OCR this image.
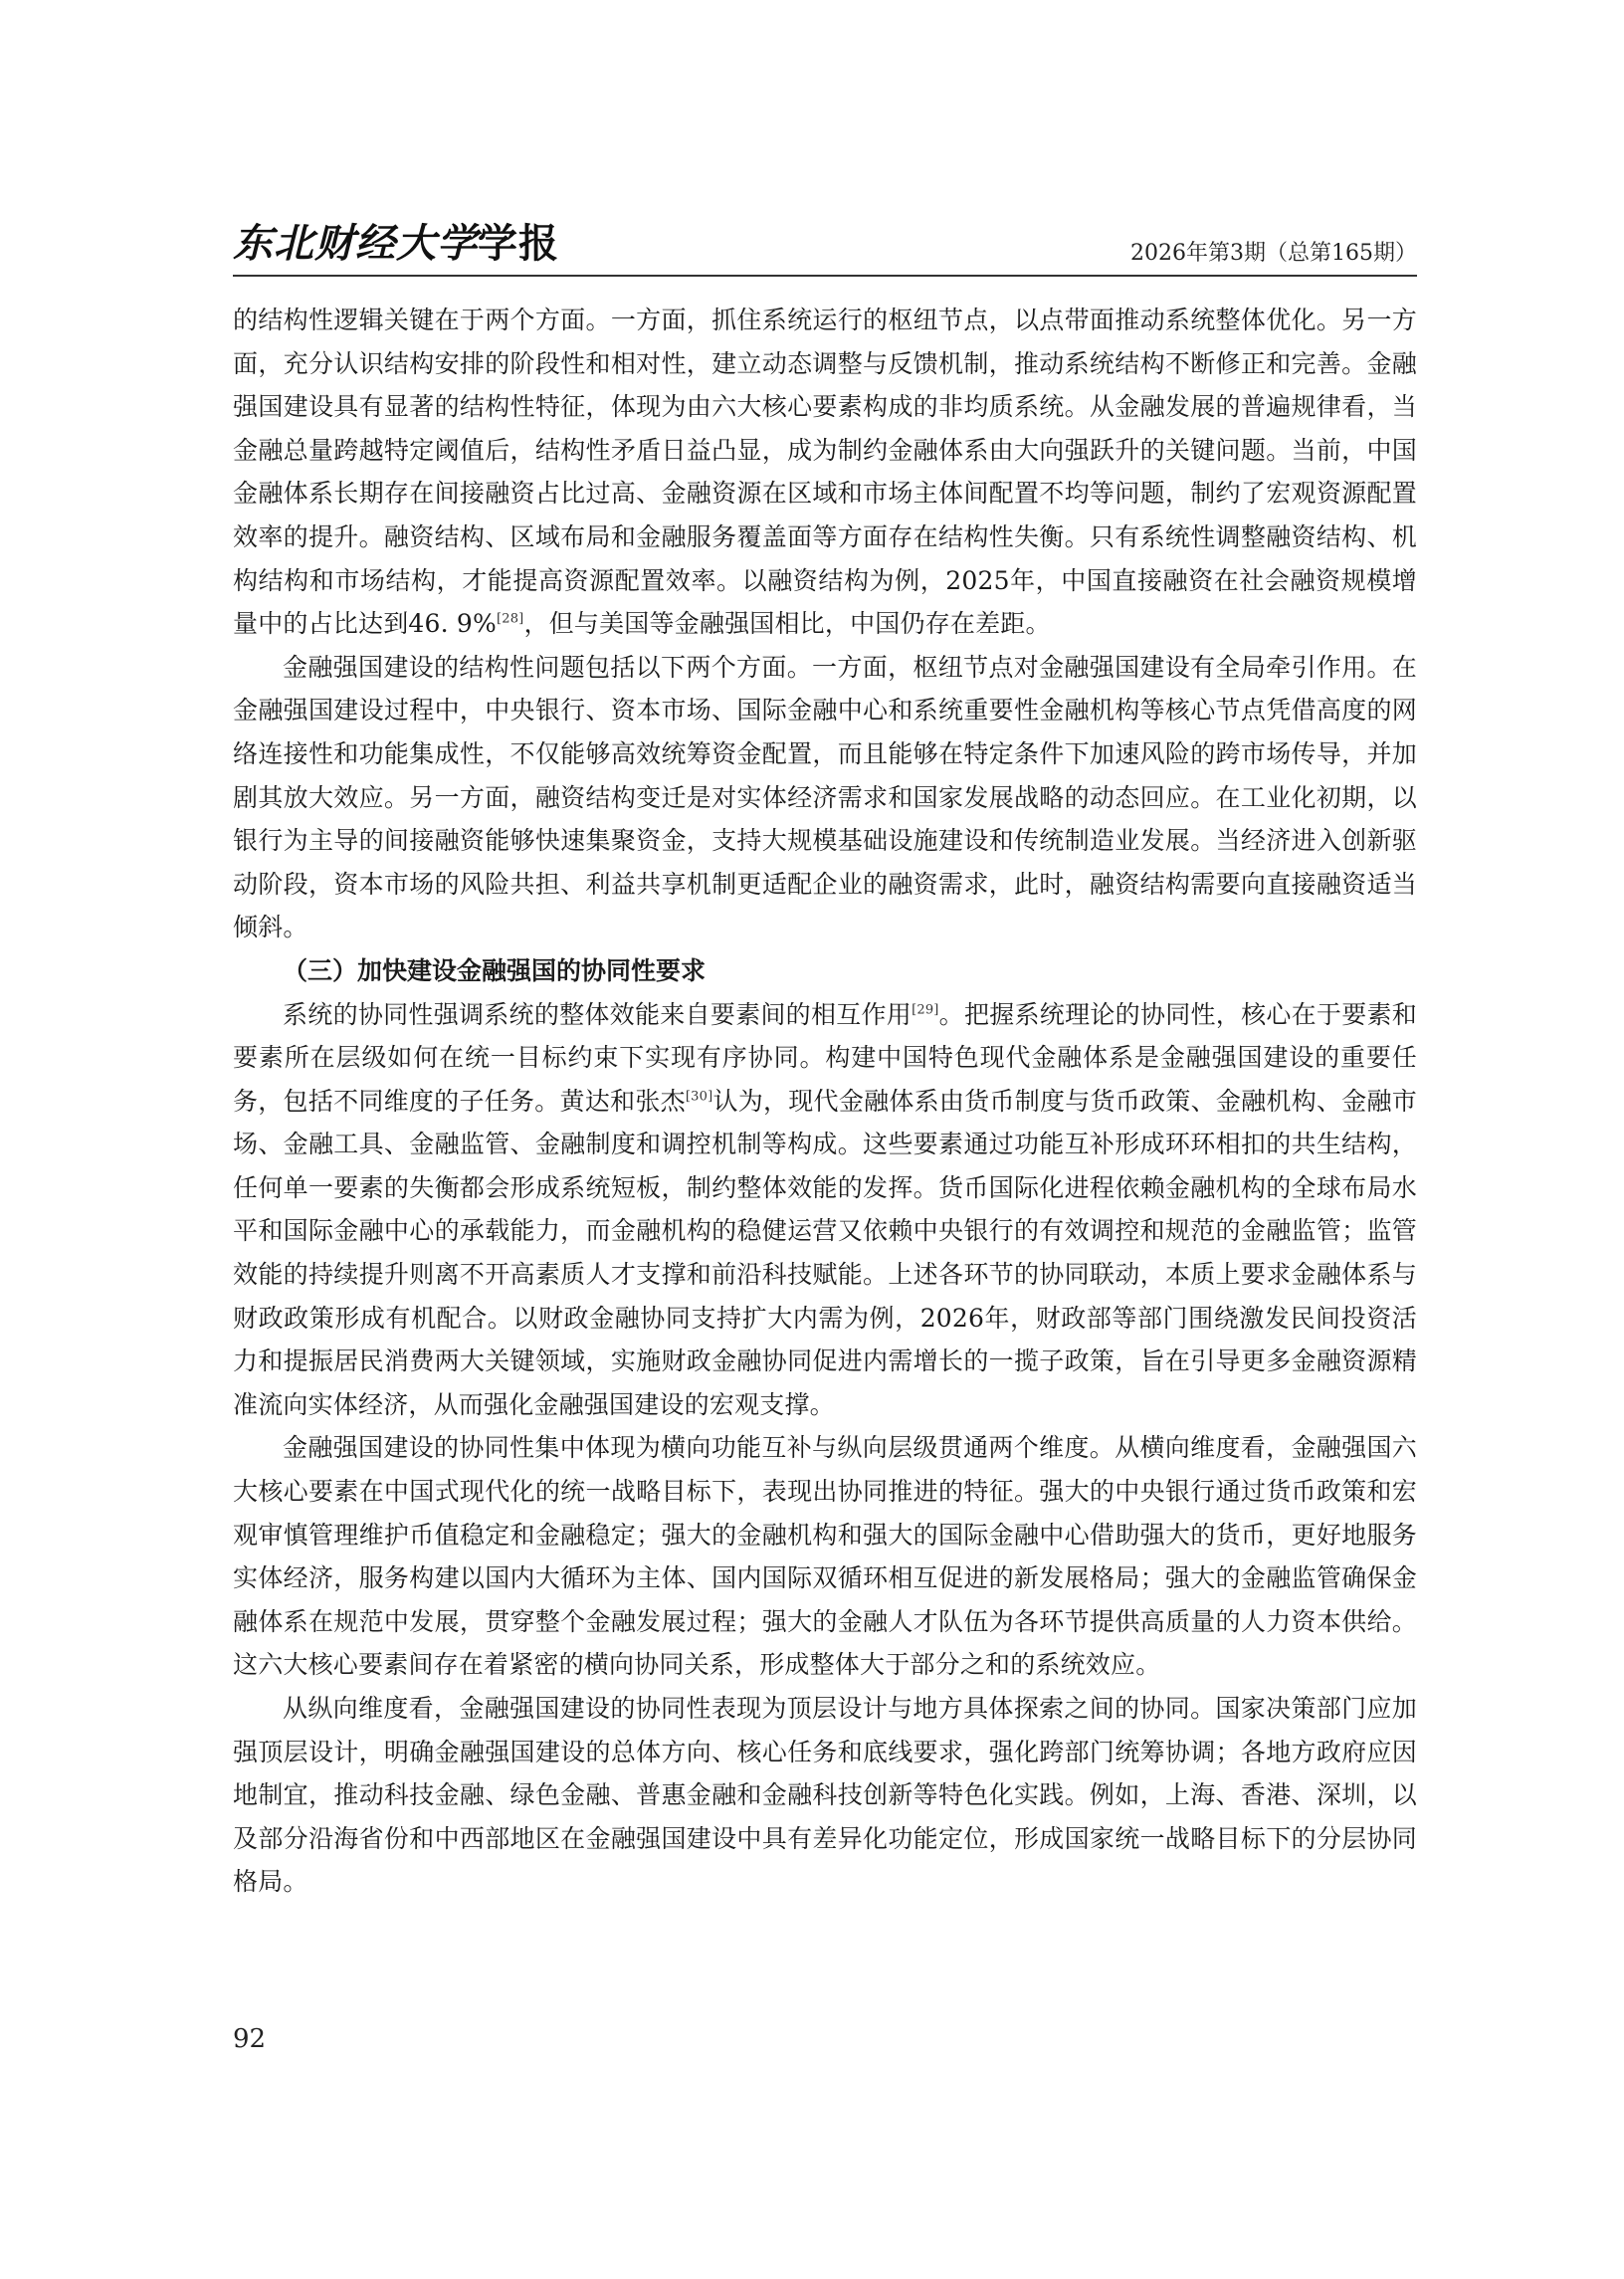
东北财经大学学报	2026年第3期（总第165期）

的结构性逻辑关键在于两个方面。一方面，抓住系统运行的枢纽节点，以点带面推动系统整体优化。另一方面，充分认识结构安排的阶段性和相对性，建立动态调整与反馈机制，推动系统结构不断修正和完善。金融强国建设具有显著的结构性特征，体现为由六大核心要素构成的非均质系统。从金融发展的普遍规律看，当金融总量跨越特定阈值后，结构性矛盾日益凸显，成为制约金融体系由大向强跃升的关键问题。当前，中国金融体系长期存在间接融资占比过高、金融资源在区域和市场主体间配置不均等问题，制约了宏观资源配置效率的提升。融资结构、区域布局和金融服务覆盖面等方面存在结构性失衡。只有系统性调整融资结构、机构结构和市场结构，才能提高资源配置效率。以融资结构为例，2025年，中国直接融资在社会融资规模增量中的占比达到46. 9%[28]，但与美国等金融强国相比，中国仍存在差距。

金融强国建设的结构性问题包括以下两个方面。一方面，枢纽节点对金融强国建设有全局牵引作用。在金融强国建设过程中，中央银行、资本市场、国际金融中心和系统重要性金融机构等核心节点凭借高度的网络连接性和功能集成性，不仅能够高效统筹资金配置，而且能够在特定条件下加速风险的跨市场传导，并加剧其放大效应。另一方面，融资结构变迁是对实体经济需求和国家发展战略的动态回应。在工业化初期，以银行为主导的间接融资能够快速集聚资金，支持大规模基础设施建设和传统制造业发展。当经济进入创新驱动阶段，资本市场的风险共担、利益共享机制更适配企业的融资需求，此时，融资结构需要向直接融资适当倾斜。

（三）加快建设金融强国的协同性要求

系统的协同性强调系统的整体效能来自要素间的相互作用[29]。把握系统理论的协同性，核心在于要素和要素所在层级如何在统一目标约束下实现有序协同。构建中国特色现代金融体系是金融强国建设的重要任务，包括不同维度的子任务。黄达和张杰[30]认为，现代金融体系由货币制度与货币政策、金融机构、金融市场、金融工具、金融监管、金融制度和调控机制等构成。这些要素通过功能互补形成环环相扣的共生结构，任何单一要素的失衡都会形成系统短板，制约整体效能的发挥。货币国际化进程依赖金融机构的全球布局水平和国际金融中心的承载能力，而金融机构的稳健运营又依赖中央银行的有效调控和规范的金融监管；监管效能的持续提升则离不开高素质人才支撑和前沿科技赋能。上述各环节的协同联动，本质上要求金融体系与财政政策形成有机配合。以财政金融协同支持扩大内需为例，2026年，财政部等部门围绕激发民间投资活力和提振居民消费两大关键领域，实施财政金融协同促进内需增长的一揽子政策，旨在引导更多金融资源精准流向实体经济，从而强化金融强国建设的宏观支撑。

金融强国建设的协同性集中体现为横向功能互补与纵向层级贯通两个维度。从横向维度看，金融强国六大核心要素在中国式现代化的统一战略目标下，表现出协同推进的特征。强大的中央银行通过货币政策和宏观审慎管理维护币值稳定和金融稳定；强大的金融机构和强大的国际金融中心借助强大的货币，更好地服务实体经济，服务构建以国内大循环为主体、国内国际双循环相互促进的新发展格局；强大的金融监管确保金融体系在规范中发展，贯穿整个金融发展过程；强大的金融人才队伍为各环节提供高质量的人力资本供给。这六大核心要素间存在着紧密的横向协同关系，形成整体大于部分之和的系统效应。

从纵向维度看，金融强国建设的协同性表现为顶层设计与地方具体探索之间的协同。国家决策部门应加强顶层设计，明确金融强国建设的总体方向、核心任务和底线要求，强化跨部门统筹协调；各地方政府应因地制宜，推动科技金融、绿色金融、普惠金融和金融科技创新等特色化实践。例如，上海、香港、深圳，以及部分沿海省份和中西部地区在金融强国建设中具有差异化功能定位，形成国家统一战略目标下的分层协同格局。

92
